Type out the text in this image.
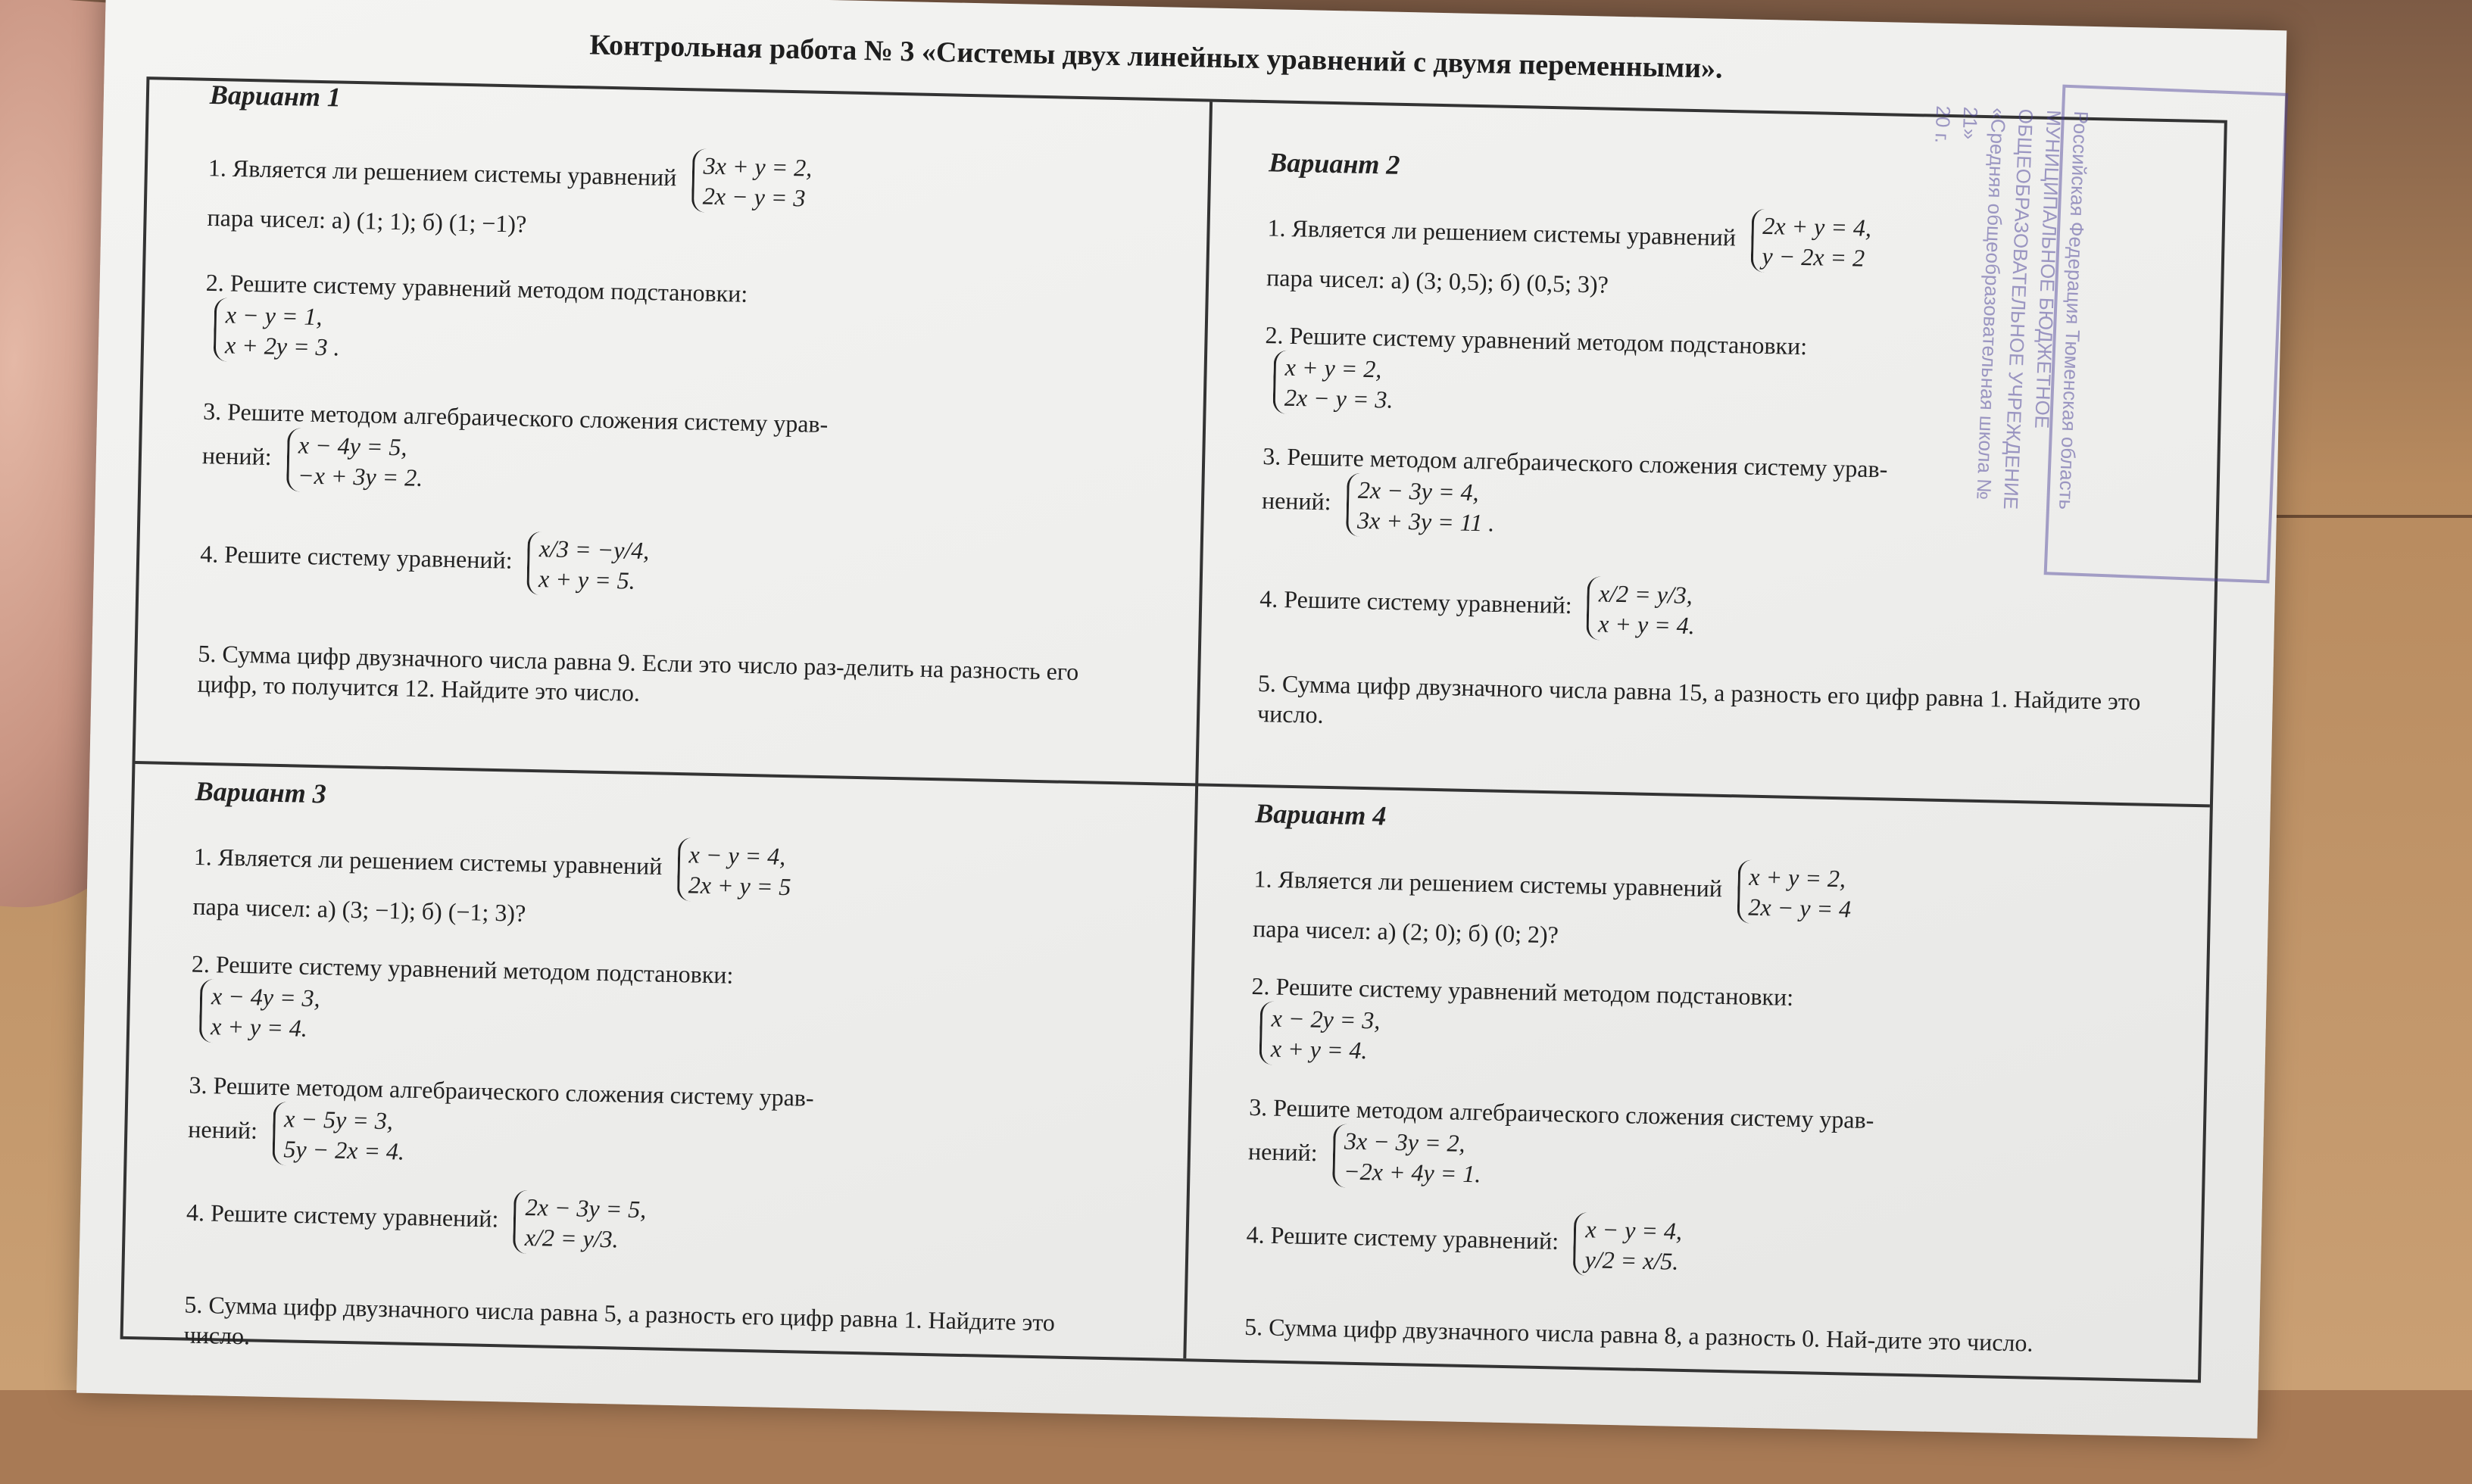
Контрольная работа № 3 «Системы двух линейных уравнений с двумя переменными».
Вариант 1
1. Является ли решением системы уравнений 3x + y = 2,
2x − y = 3
пара чисел: а) (1; 1); б) (1; −1)?
2. Решите систему уравнений методом подстановки:
x − y = 1,
x + 2y = 3 .
3. Решите методом алгебраического сложения систему урав-
нений: x − 4y = 5,
−x + 3y = 2.
4. Решите систему уравнений: x/3 = −y/4,
x + y = 5.
5. Сумма цифр двузначного числа равна 9. Если это число раз-делить на разность его цифр, то получится 12. Найдите это число.
Вариант 2
1. Является ли решением системы уравнений 2x + y = 4,
y − 2x = 2
пара чисел: а) (3; 0,5); б) (0,5; 3)?
2. Решите систему уравнений методом подстановки:
x + y = 2,
2x − y = 3.
3. Решите методом алгебраического сложения систему урав-
нений: 2x − 3y = 4,
3x + 3y = 11 .
4. Решите систему уравнений: x/2 = y/3,
x + y = 4.
5. Сумма цифр двузначного числа равна 15, а разность его цифр равна 1. Найдите это число.
Вариант 3
1. Является ли решением системы уравнений x − y = 4,
2x + y = 5
пара чисел: а) (3; −1); б) (−1; 3)?
2. Решите систему уравнений методом подстановки:
x − 4y = 3,
x + y = 4.
3. Решите методом алгебраического сложения систему урав-
нений: x − 5y = 3,
5y − 2x = 4.
4. Решите систему уравнений: 2x − 3y = 5,
x/2 = y/3.
5. Сумма цифр двузначного числа равна 5, а разность его цифр равна 1. Найдите это число.
Вариант 4
1. Является ли решением системы уравнений x + y = 2,
2x − y = 4
пара чисел: а) (2; 0); б) (0; 2)?
2. Решите систему уравнений методом подстановки:
x − 2y = 3,
x + y = 4.
3. Решите методом алгебраического сложения систему урав-
нений: 3x − 3y = 2,
−2x + 4y = 1.
4. Решите систему уравнений: x − y = 4,
y/2 = x/5.
5. Сумма цифр двузначного числа равна 8, а разность 0. Най-дите это число.
Российская Федерация Тюменская область
МУНИЦИПАЛЬНОЕ БЮДЖЕТНОЕ
ОБЩЕОБРАЗОВАТЕЛЬНОЕ УЧРЕЖДЕНИЕ
«Средняя общеобразовательная школа № 21»
20 г.
